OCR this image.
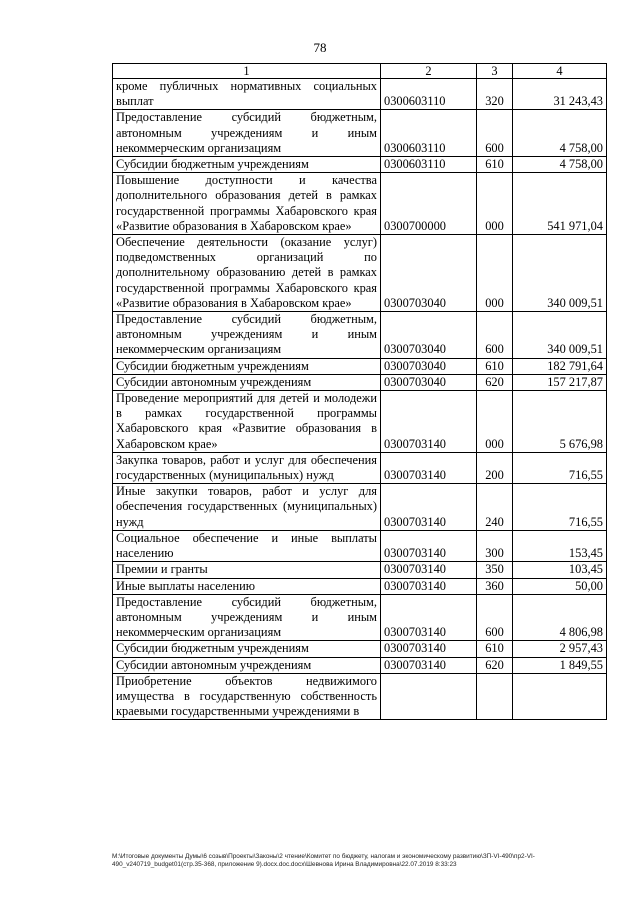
78
1	2	3	4
кроме публичных нормативных социальных выплат	0300603110	320	31 243,43
Предоставление субсидий бюджетным, автономным учреждениям и иным некоммерческим организациям	0300603110	600	4 758,00
Субсидии бюджетным учреждениям	0300603110	610	4 758,00
Повышение доступности и качества дополнительного образования детей в рамках государственной программы Хабаровского края «Развитие образования в Хабаровском крае»	0300700000	000	541 971,04
Обеспечение деятельности (оказание услуг) подведомственных организаций по дополнительному образованию детей в рамках государственной программы Хабаровского края «Развитие образования в Хабаровском крае»	0300703040	000	340 009,51
Предоставление субсидий бюджетным, автономным учреждениям и иным некоммерческим организациям	0300703040	600	340 009,51
Субсидии бюджетным учреждениям	0300703040	610	182 791,64
Субсидии автономным учреждениям	0300703040	620	157 217,87
Проведение мероприятий для детей и молодежи в рамках государственной программы Хабаровского края «Развитие образования в Хабаровском крае»	0300703140	000	5 676,98
Закупка товаров, работ и услуг для обеспечения государственных (муниципальных) нужд	0300703140	200	716,55
Иные закупки товаров, работ и услуг для обеспечения государственных (муниципальных) нужд	0300703140	240	716,55
Социальное обеспечение и иные выплаты населению	0300703140	300	153,45
Премии и гранты	0300703140	350	103,45
Иные выплаты населению	0300703140	360	50,00
Предоставление субсидий бюджетным, автономным учреждениям и иным некоммерческим организациям	0300703140	600	4 806,98
Субсидии бюджетным учреждениям	0300703140	610	2 957,43
Субсидии автономным учреждениям	0300703140	620	1 849,55
Приобретение объектов недвижимого имущества в государственную собственность краевыми государственными учреждениями в			
M:\Итоговые документы Думы\6 созыв\Проекты\Законы\2 чтение\Комитет по бюджету, налогам и экономическому развитию\ЗП-VI-490\пр2-VI-490_v240719_budget01(стр.35-368, приложение 9).docx.doc.docx\Шевнова Ирина Владимировна\22.07.2019 8:33:23
